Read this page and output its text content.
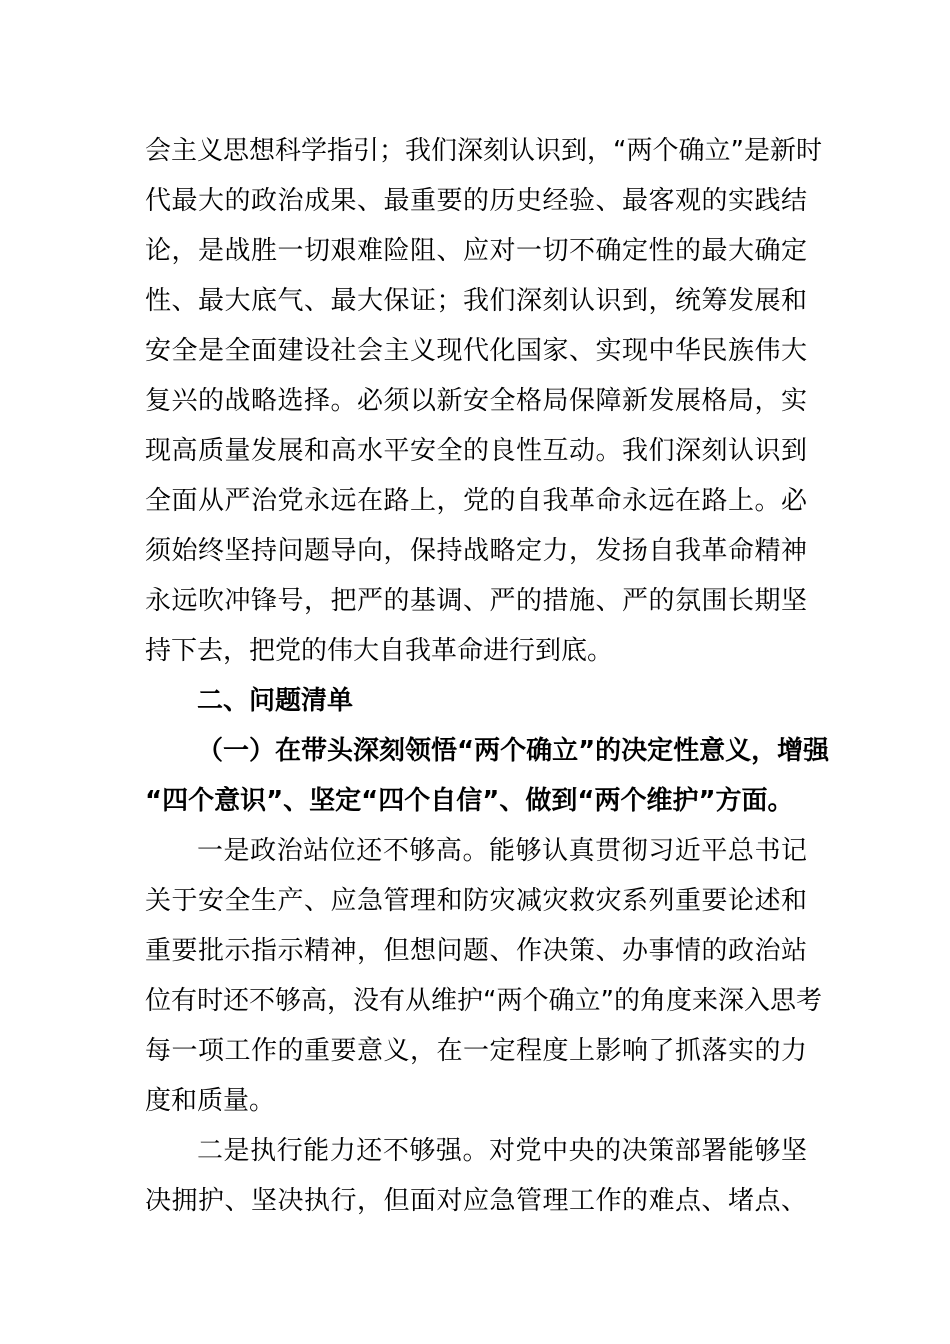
会主义思想科学指引；我们深刻认识到，“两个确立”是新时
代最大的政治成果、最重要的历史经验、最客观的实践结
论，是战胜一切艰难险阻、应对一切不确定性的最大确定
性、最大底气、最大保证；我们深刻认识到，统筹发展和
安全是全面建设社会主义现代化国家、实现中华民族伟大
复兴的战略选择。必须以新安全格局保障新发展格局，实
现高质量发展和高水平安全的良性互动。我们深刻认识到
全面从严治党永远在路上，党的自我革命永远在路上。必
须始终坚持问题导向，保持战略定力，发扬自我革命精神
永远吹冲锋号，把严的基调、严的措施、严的氛围长期坚
持下去，把党的伟大自我革命进行到底。
二、问题清单
（一）在带头深刻领悟“两个确立”的决定性意义，增强
“四个意识”、坚定“四个自信”、做到“两个维护”方面。
一是政治站位还不够高。能够认真贯彻习近平总书记
关于安全生产、应急管理和防灾减灾救灾系列重要论述和
重要批示指示精神，但想问题、作决策、办事情的政治站
位有时还不够高，没有从维护“两个确立”的角度来深入思考
每一项工作的重要意义，在一定程度上影响了抓落实的力
度和质量。
二是执行能力还不够强。对党中央的决策部署能够坚
决拥护、坚决执行，但面对应急管理工作的难点、堵点、
